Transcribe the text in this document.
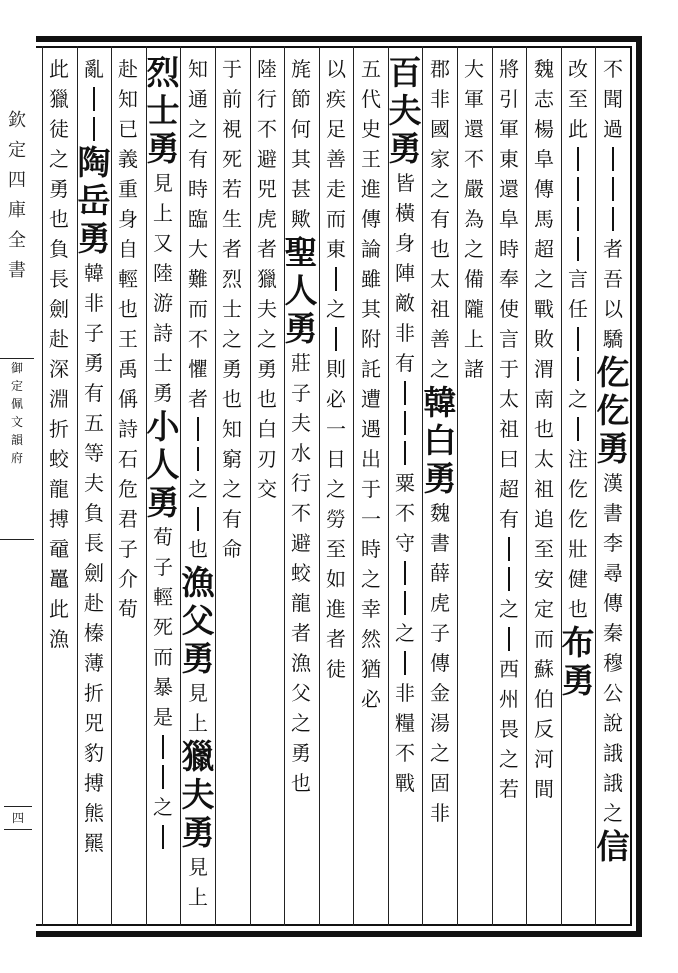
欽
定
四
庫
全
書
御
定
佩
文
韻
府
四
不
聞
過
者
吾
以
驕
仡
仡
勇
漢
書
李
尋
傳
秦
穆
公
說
誐
誐
之
信
改
至
此
言
任
之
注
仡
仡
壯
健
也
布
勇
魏
志
楊
阜
傳
馬
超
之
戰
敗
渭
南
也
太
祖
追
至
安
定
而
蘇
伯
反
河
間
將
引
軍
東
還
阜
時
奉
使
言
于
太
祖
曰
超
有
之
西
州
畏
之
若
大
軍
還
不
嚴
為
之
備
隴
上
諸
郡
非
國
家
之
有
也
太
祖
善
之
韓
白
勇
魏
書
薛
虎
子
傳
金
湯
之
固
非
百
夫
勇
皆
橫
身
陣
敵
非
有
粟
不
守
之
非
糧
不
戰
五
代
史
王
進
傳
論
雖
其
附
託
遭
遇
出
于
一
時
之
幸
然
猶
必
以
疾
足
善
走
而
東
之
則
必
一
日
之
勞
至
如
進
者
徒
旄
節
何
其
甚
歟
聖
人
勇
莊
子
夫
水
行
不
避
蛟
龍
者
漁
父
之
勇
也
陸
行
不
避
兕
虎
者
獵
夫
之
勇
也
白
刃
交
于
前
視
死
若
生
者
烈
士
之
勇
也
知
窮
之
有
命
知
通
之
有
時
臨
大
難
而
不
懼
者
之
也
漁
父
勇
見
上
獵
夫
勇
見
上
烈
士
勇
見
上
又
陸
游
詩
士
勇
小
人
勇
荀
子
輕
死
而
暴
是
之
赴
知
已
義
重
身
自
輕
也
王
禹
偁
詩
石
危
君
子
介
荀
亂
陶
岳
勇
韓
非
子
勇
有
五
等
夫
負
長
劍
赴
榛
薄
折
兕
豹
搏
熊
羆
此
獵
徒
之
勇
也
負
長
劍
赴
深
淵
折
蛟
龍
搏
黿
鼉
此
漁
